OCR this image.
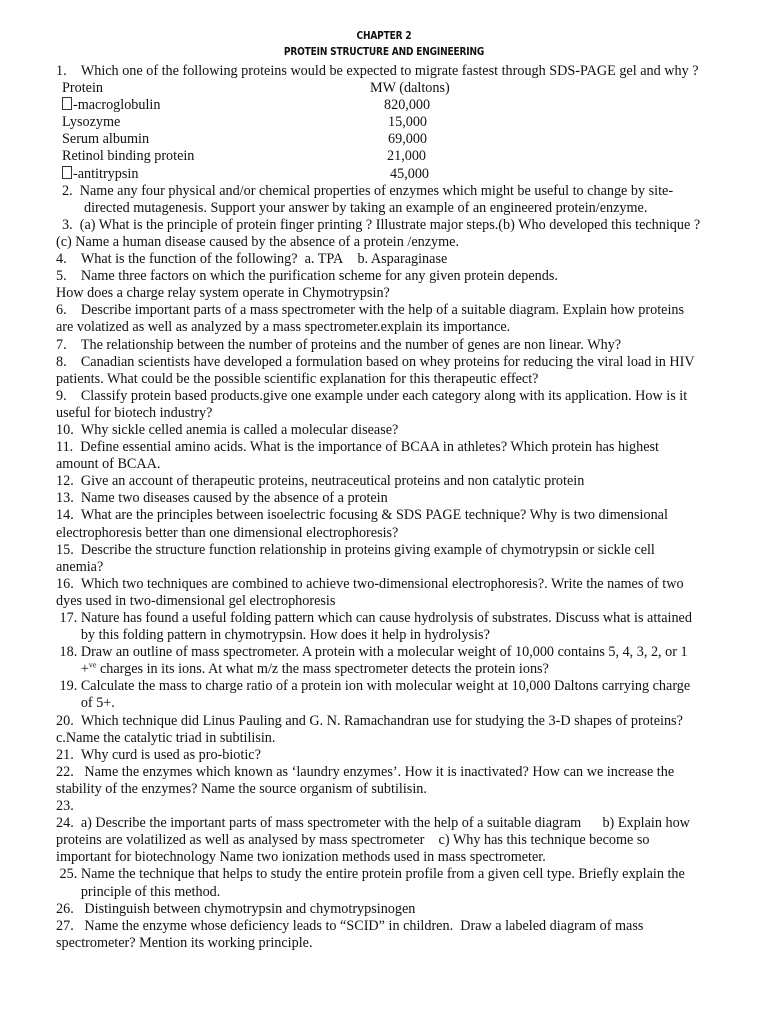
CHAPTER 2
PROTEIN STRUCTURE AND ENGINEERING
1.    Which one of the following proteins would be expected to migrate fastest through SDS-PAGE gel and why ?
Protein	MW (daltons)
-macroglobulin	820,000
Lysozyme	15,000
Serum albumin	69,000
Retinol binding protein	21,000
-antitrypsin	45,000
2.  Name any four physical and/or chemical properties of enzymes which might be useful to change by site-
directed mutagenesis. Support your answer by taking an example of an engineered protein/enzyme.
3.  (a) What is the principle of protein finger printing ? Illustrate major steps.(b) Who developed this technique ?
(c) Name a human disease caused by the absence of a protein /enzyme.
4.    What is the function of the following?  a. TPA    b. Asparaginase
5.    Name three factors on which the purification scheme for any given protein depends.
How does a charge relay system operate in Chymotrypsin?
6.    Describe important parts of a mass spectrometer with the help of a suitable diagram. Explain how proteins
are volatized as well as analyzed by a mass spectrometer.explain its importance.
7.    The relationship between the number of proteins and the number of genes are non linear. Why?
8.    Canadian scientists have developed a formulation based on whey proteins for reducing the viral load in HIV
patients. What could be the possible scientific explanation for this therapeutic effect?
9.    Classify protein based products.give one example under each category along with its application. How is it
useful for biotech industry?
10.  Why sickle celled anemia is called a molecular disease?
11.  Define essential amino acids. What is the importance of BCAA in athletes? Which protein has highest
amount of BCAA.
12.  Give an account of therapeutic proteins, neutraceutical proteins and non catalytic protein
13.  Name two diseases caused by the absence of a protein
14.  What are the principles between isoelectric focusing & SDS PAGE technique? Why is two dimensional
electrophoresis better than one dimensional electrophoresis?
15.  Describe the structure function relationship in proteins giving example of chymotrypsin or sickle cell
anemia?
16.  Which two techniques are combined to achieve two-dimensional electrophoresis?. Write the names of two
dyes used in two-dimensional gel electrophoresis
17. Nature has found a useful folding pattern which can cause hydrolysis of substrates. Discuss what is attained
by this folding pattern in chymotrypsin. How does it help in hydrolysis?
18. Draw an outline of mass spectrometer. A protein with a molecular weight of 10,000 contains 5, 4, 3, 2, or 1
+$^{ve}$ charges in its ions. At what m/z the mass spectrometer detects the protein ions?
19. Calculate the mass to charge ratio of a protein ion with molecular weight at 10,000 Daltons carrying charge
of 5+.
20.  Which technique did Linus Pauling and G. N. Ramachandran use for studying the 3-D shapes of proteins?
c.Name the catalytic triad in subtilisin.
21.  Why curd is used as pro-biotic?
22.   Name the enzymes which known as ‘laundry enzymes’. How it is inactivated? How can we increase the
stability of the enzymes? Name the source organism of subtilisin.
23.
24.  a) Describe the important parts of mass spectrometer with the help of a suitable diagram      b) Explain how
proteins are volatilized as well as analysed by mass spectrometer    c) Why has this technique become so
important for biotechnology Name two ionization methods used in mass spectrometer.
25. Name the technique that helps to study the entire protein profile from a given cell type. Briefly explain the
principle of this method.
26.   Distinguish between chymotrypsin and chymotrypsinogen
27.   Name the enzyme whose deficiency leads to “SCID” in children.  Draw a labeled diagram of mass
spectrometer? Mention its working principle.
